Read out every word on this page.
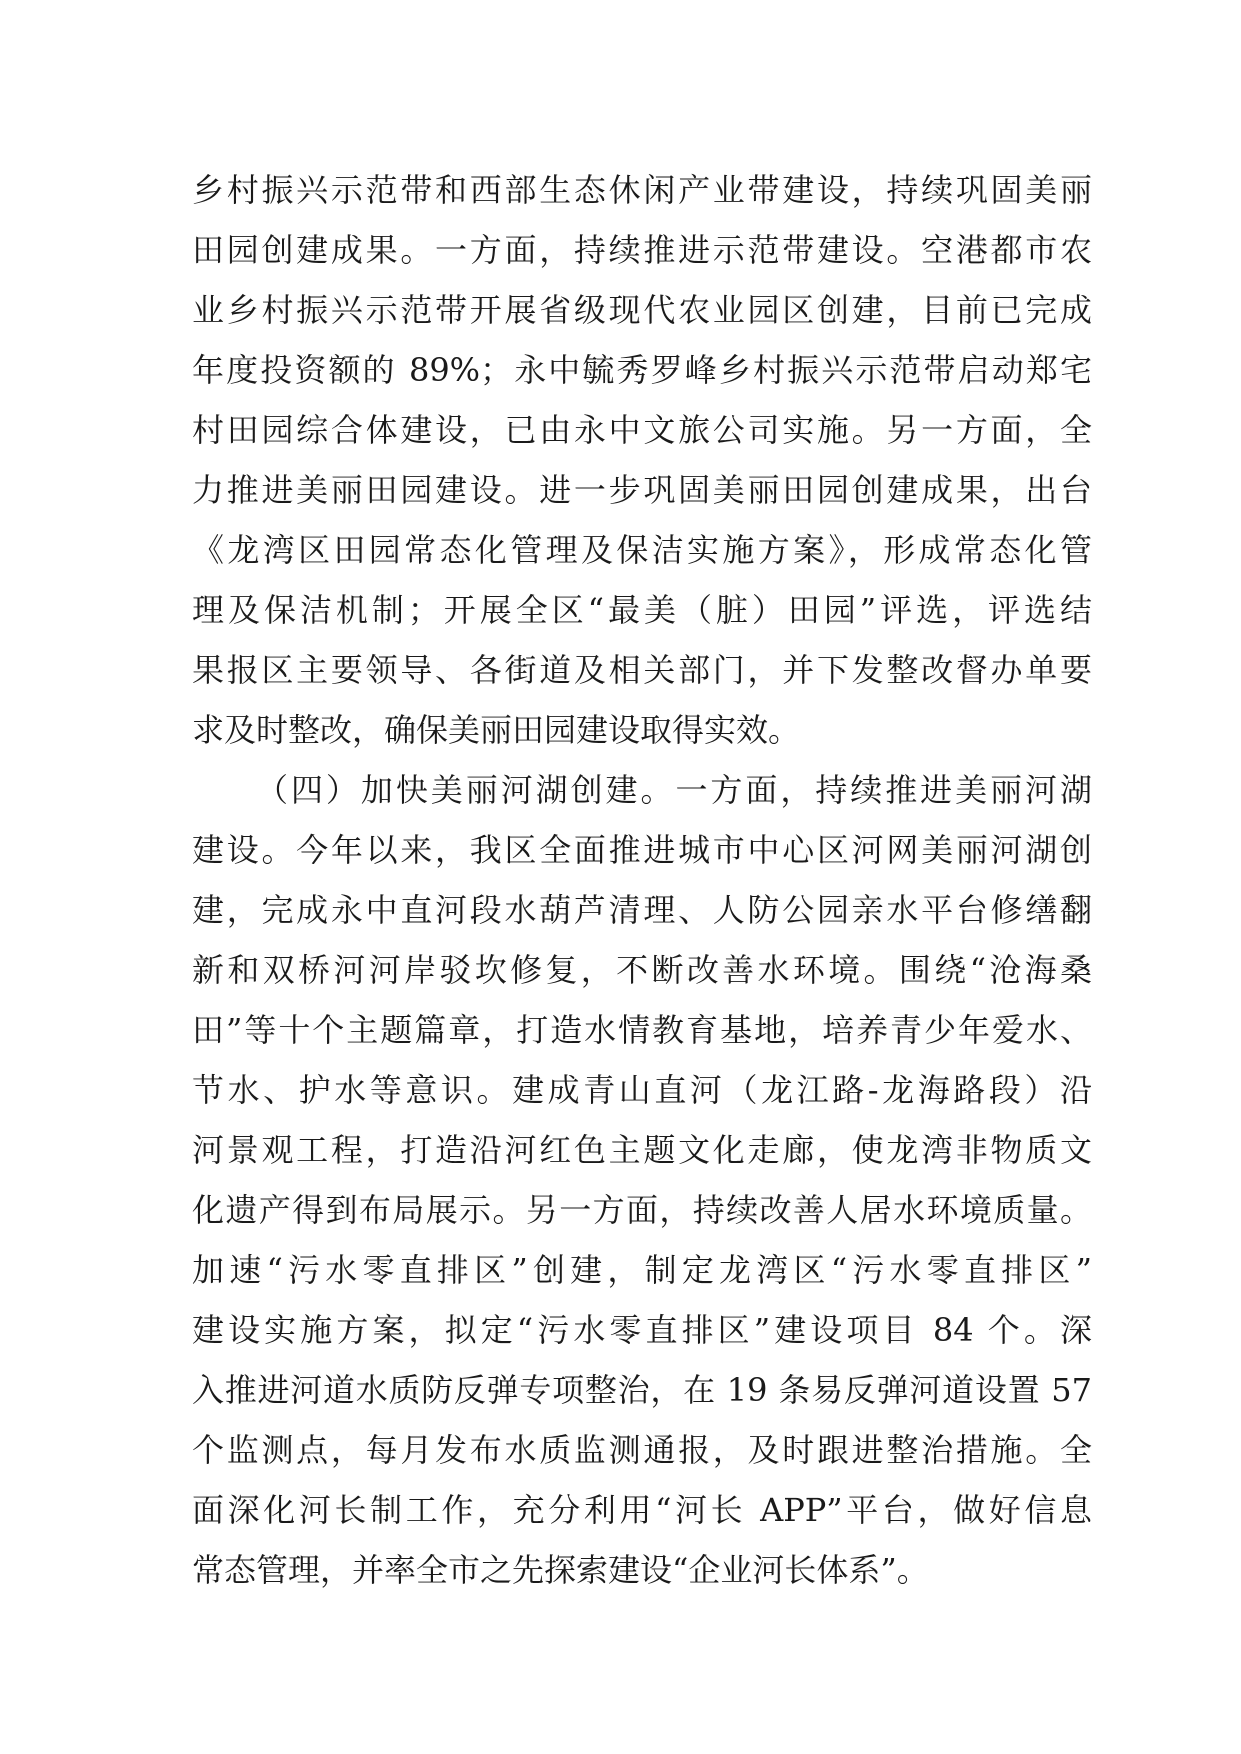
乡村振兴示范带和西部生态休闲产业带建设，持续巩固美丽
田园创建成果。一方面，持续推进示范带建设。空港都市农
业乡村振兴示范带开展省级现代农业园区创建，目前已完成
年度投资额的 89%；永中毓秀罗峰乡村振兴示范带启动郑宅
村田园综合体建设，已由永中文旅公司实施。另一方面，全
力推进美丽田园建设。进一步巩固美丽田园创建成果，出台
《龙湾区田园常态化管理及保洁实施方案》，形成常态化管
理及保洁机制；开展全区“最美（脏）田园”评选，评选结
果报区主要领导、各街道及相关部门，并下发整改督办单要
求及时整改，确保美丽田园建设取得实效。
（四）加快美丽河湖创建。一方面，持续推进美丽河湖
建设。今年以来，我区全面推进城市中心区河网美丽河湖创
建，完成永中直河段水葫芦清理、人防公园亲水平台修缮翻
新和双桥河河岸驳坎修复，不断改善水环境。围绕“沧海桑
田”等十个主题篇章，打造水情教育基地，培养青少年爱水、
节水、护水等意识。建成青山直河（龙江路-龙海路段）沿
河景观工程，打造沿河红色主题文化走廊，使龙湾非物质文
化遗产得到布局展示。另一方面，持续改善人居水环境质量。
加速“污水零直排区”创建，制定龙湾区“污水零直排区”
建设实施方案，拟定“污水零直排区”建设项目 84 个。深
入推进河道水质防反弹专项整治，在 19 条易反弹河道设置 57
个监测点，每月发布水质监测通报，及时跟进整治措施。全
面深化河长制工作，充分利用“河长 APP”平台，做好信息
常态管理，并率全市之先探索建设“企业河长体系”。
